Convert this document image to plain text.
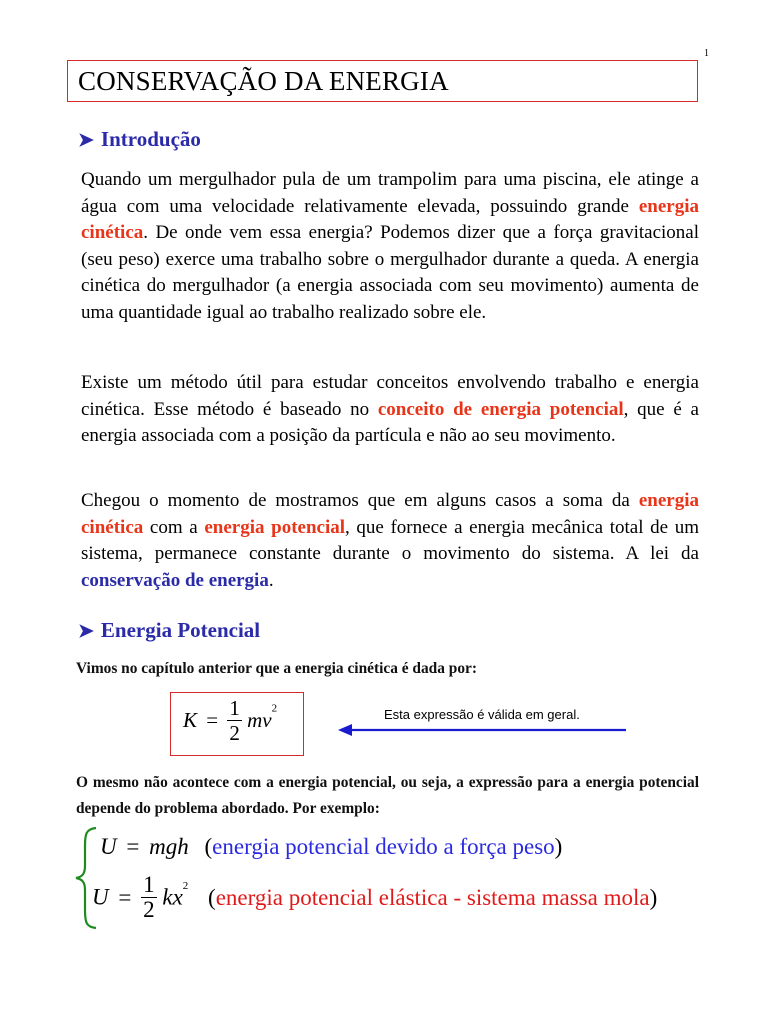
1
CONSERVAÇÃO DA ENERGIA
➤ Introdução
Quando um mergulhador pula de um trampolim para uma piscina, ele atinge a água com uma velocidade relativamente elevada, possuindo grande energia cinética. De onde vem essa energia? Podemos dizer que a força gravitacional (seu peso) exerce uma trabalho sobre o mergulhador durante a queda. A energia cinética do mergulhador (a energia associada com seu movimento) aumenta de uma quantidade igual ao trabalho realizado sobre ele.
Existe um método útil para estudar conceitos envolvendo trabalho e energia cinética. Esse método é baseado no conceito de energia potencial, que é a energia associada com a posição da partícula e não ao seu movimento.
Chegou o momento de mostramos que em alguns casos a soma da energia cinética com a energia potencial, que fornece a energia mecânica total de um sistema, permanece constante durante o movimento do sistema. A lei da conservação de energia.
➤ Energia Potencial
Vimos no capítulo anterior que a energia cinética é dada por:
$K = \frac{1}{2} mv^2$	Esta expressão é válida em geral.
O mesmo não acontece com a energia potencial, ou seja, a expressão para a energia potencial depende do problema abordado. Por exemplo:
U = mgh (energia potencial devido a força peso)
$U = \frac{1}{2} kx^2$ (energia potencial elástica - sistema massa mola)
